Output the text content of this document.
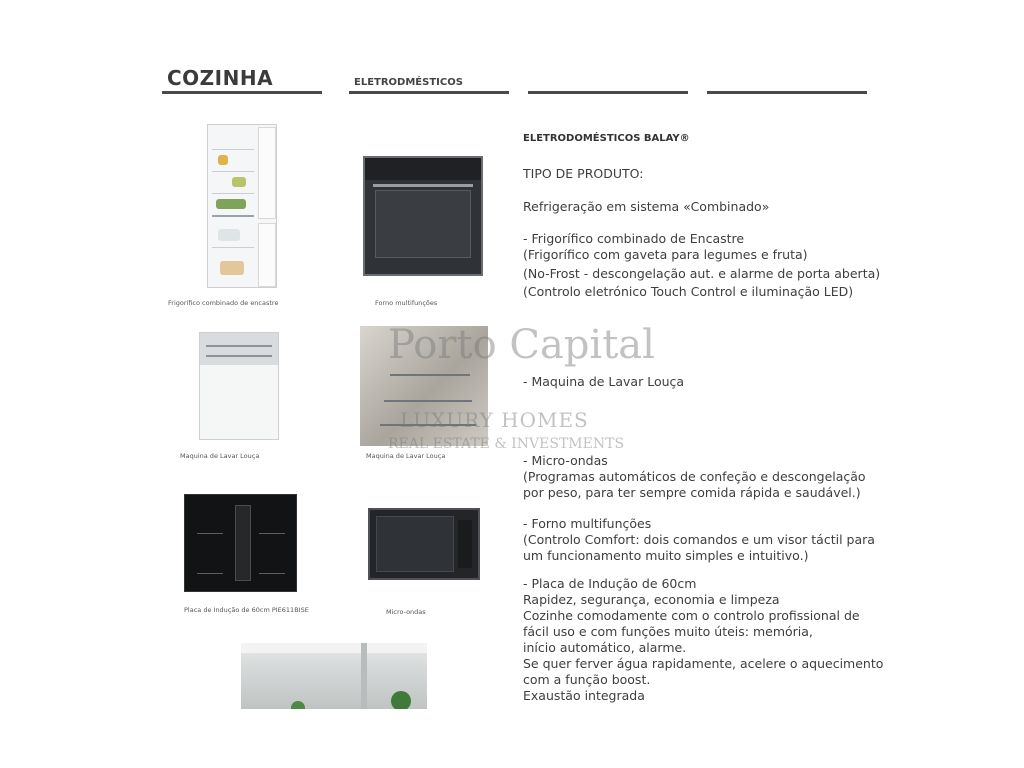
COZINHA	ELETRODMÉSTICOS
Frigorífico combinado de encastre	Forno multifunções
Maquina de Lavar Louça	Maquina de Lavar Louça
Placa de Indução de 60cm PIE611BISE	Micro-ondas
Porto Capital
LUXURY HOMES
REAL ESTATE & INVESTMENTS
ELETRODOMÉSTICOS BALAY®
TIPO DE PRODUTO:
Refrigeração em sistema «Combinado»
- Frigorífico combinado de Encastre
(Frigorífico com gaveta para legumes e fruta)
(No-Frost - descongelação aut. e alarme de porta aberta)
(Controlo eletrónico Touch Control e iluminação LED)
- Maquina de Lavar Louça
- Micro-ondas
(Programas automáticos de confeção e descongelação
por peso, para ter sempre comida rápida e saudável.)
- Forno multifunções
(Controlo Comfort: dois comandos e um visor táctil para
um funcionamento muito simples e intuitivo.)
- Placa de Indução de 60cm
Rapidez, segurança, economia e limpeza
Cozinhe comodamente com o controlo profissional de
fácil uso e com funções muito úteis: memória,
início automático, alarme.
Se quer ferver água rapidamente, acelere o aquecimento
com a função boost.
Exaustão integrada
